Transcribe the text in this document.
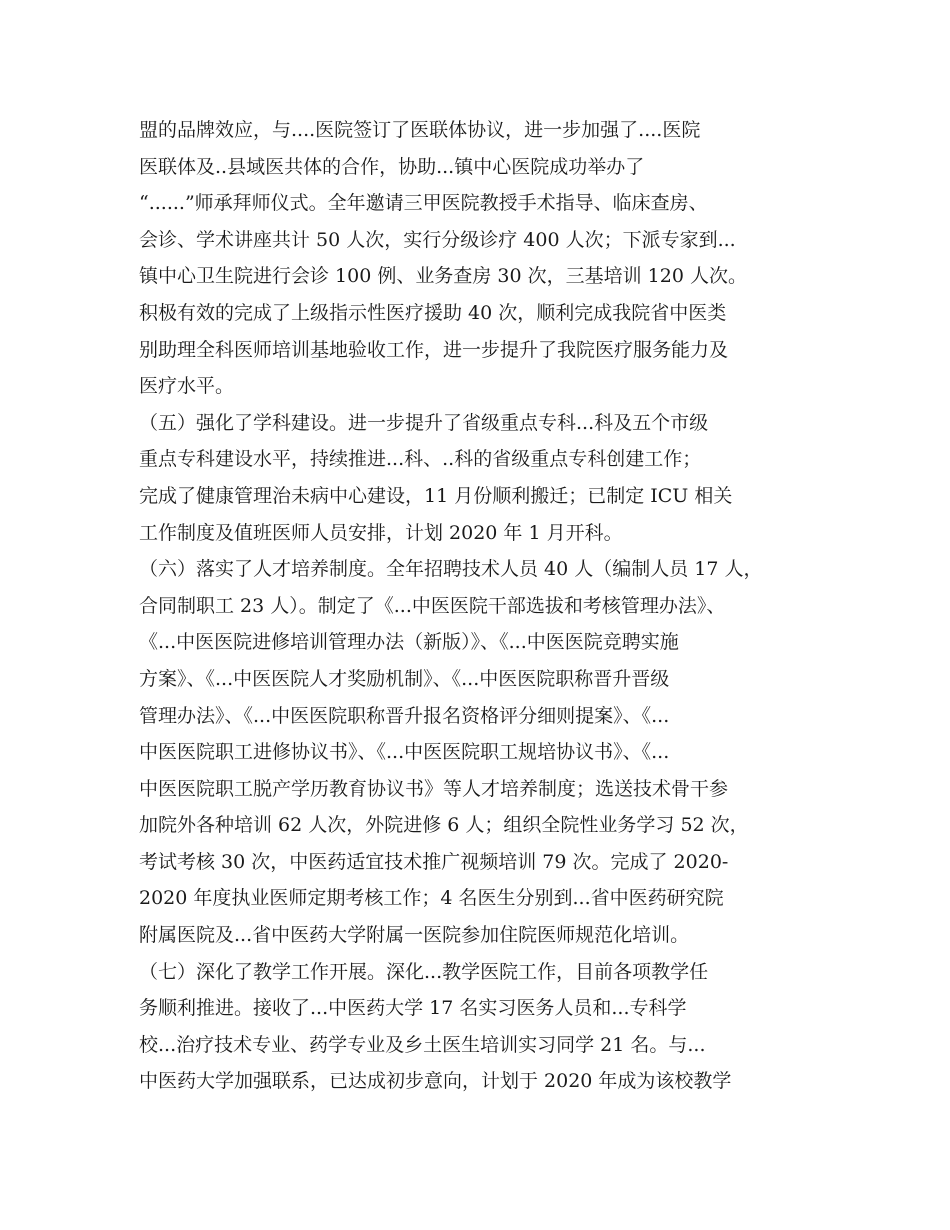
盟的品牌效应，与....医院签订了医联体协议，进一步加强了....医院
医联体及..县域医共体的合作，协助...镇中心医院成功举办了
“......”师承拜师仪式。全年邀请三甲医院教授手术指导、临床查房、
会诊、学术讲座共计 50 人次，实行分级诊疗 400 人次；下派专家到...
镇中心卫生院进行会诊 100 例、业务查房 30 次，三基培训 120 人次。
积极有效的完成了上级指示性医疗援助 40 次，顺利完成我院省中医类
别助理全科医师培训基地验收工作，进一步提升了我院医疗服务能力及
医疗水平。
（五）强化了学科建设。进一步提升了省级重点专科...科及五个市级
重点专科建设水平，持续推进...科、..科的省级重点专科创建工作；
完成了健康管理治未病中心建设，11 月份顺利搬迁；已制定 ICU 相关
工作制度及值班医师人员安排，计划 2020 年 1 月开科。
（六）落实了人才培养制度。全年招聘技术人员 40 人（编制人员 17 人，
合同制职工 23 人）。制定了《...中医医院干部选拔和考核管理办法》、
《...中医医院进修培训管理办法（新版）》、《...中医医院竞聘实施
方案》、《...中医医院人才奖励机制》、《...中医医院职称晋升晋级
管理办法》、《...中医医院职称晋升报名资格评分细则提案》、《...
中医医院职工进修协议书》、《...中医医院职工规培协议书》、《...
中医医院职工脱产学历教育协议书》等人才培养制度；选送技术骨干参
加院外各种培训 62 人次，外院进修 6 人；组织全院性业务学习 52 次，
考试考核 30 次，中医药适宜技术推广视频培训 79 次。完成了 2020-
2020 年度执业医师定期考核工作；4 名医生分别到...省中医药研究院
附属医院及...省中医药大学附属一医院参加住院医师规范化培训。
（七）深化了教学工作开展。深化...教学医院工作，目前各项教学任
务顺利推进。接收了...中医药大学 17 名实习医务人员和...专科学
校...治疗技术专业、药学专业及乡土医生培训实习同学 21 名。与...
中医药大学加强联系，已达成初步意向，计划于 2020 年成为该校教学
